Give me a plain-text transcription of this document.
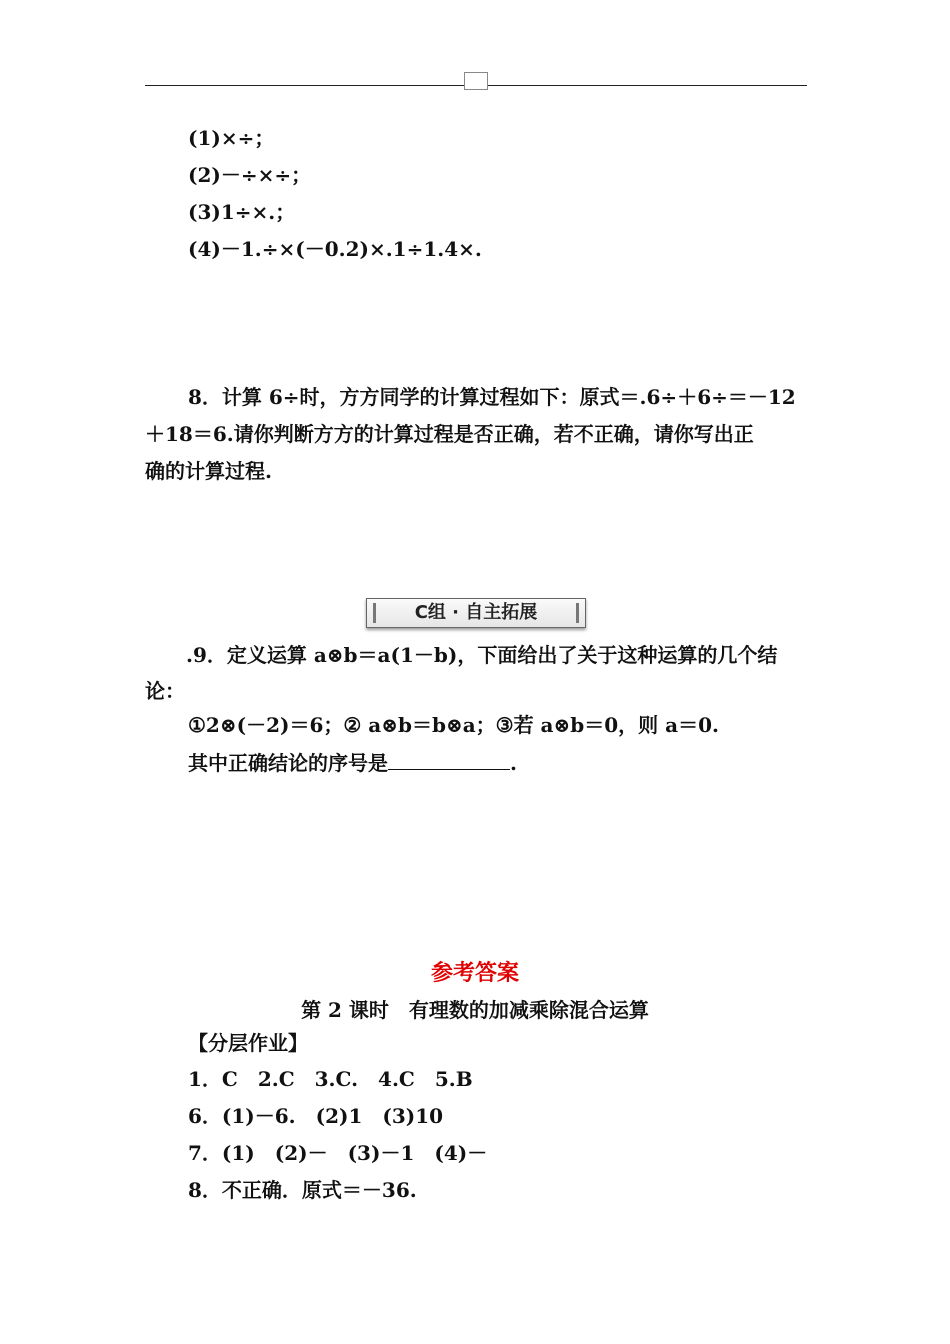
(1)×÷；
(2)－÷×÷；
(3)1÷×.；
(4)－1.÷×(－0.2)×.1÷1.4×.
8．计算 6÷时，方方同学的计算过程如下：原式＝.6÷＋6÷＝－12
＋18＝6.请你判断方方的计算过程是否正确，若不正确，请你写出正
确的计算过程.
C组 · 自主拓展
.9．定义运算 a⊗b＝a(1－b)，下面给出了关于这种运算的几个结
论：
①2⊗(－2)＝6；② a⊗b＝b⊗a；③若 a⊗b＝0，则 a＝0.
其中正确结论的序号是	.
参考答案
第 2 课时　有理数的加减乘除混合运算
【分层作业】
1．C　2.C　3.C.　4.C　5.B
6．(1)－6.　(2)1　(3)10
7．(1)　(2)－　(3)－1　(4)－
8．不正确．原式＝－36.
